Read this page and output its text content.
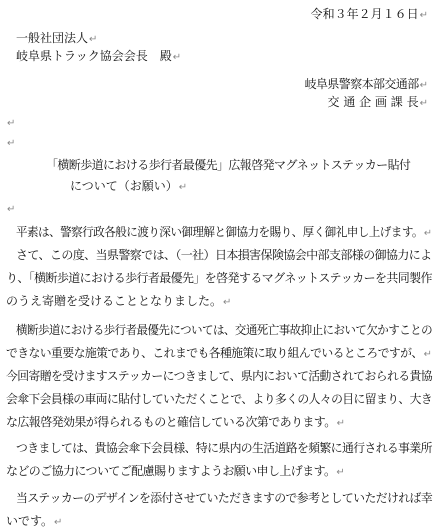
令和３年２月１６日↵
一般社団法人↵
岐阜県トラック協会会長　殿↵
岐阜県警察本部交通部↵
交 通 企 画 課 長↵
↵
↵
「横断歩道における歩行者最優先」広報啓発マグネットステッカー貼付
について（お願い）↵
↵
平素は、警察行政各般に渡り深い御理解と御協力を賜り、厚く御礼申し上げます。↵
さて、この度、当県警察では、（一社）日本損害保険協会中部支部様の御協力によ
り、「横断歩道における歩行者最優先」を啓発するマグネットステッカーを共同製作
のうえ寄贈を受けることとなりました。↵
横断歩道における歩行者最優先については、交通死亡事故抑止において欠かすことの
できない重要な施策であり、これまでも各種施策に取り組んでいるところですが、↵
今回寄贈を受けますステッカーにつきまして、県内において活動されておられる貴協
会傘下会員様の車両に貼付していただくことで、より多くの人々の目に留まり、大き
な広報啓発効果が得られるものと確信している次第であります。↵
つきましては、貴協会傘下会員様、特に県内の生活道路を頻繁に通行される事業所
などのご協力についてご配慮賜りますようお願い申し上げます。↵
当ステッカーのデザインを添付させていただきますので参考としていただければ幸
いです。↵
